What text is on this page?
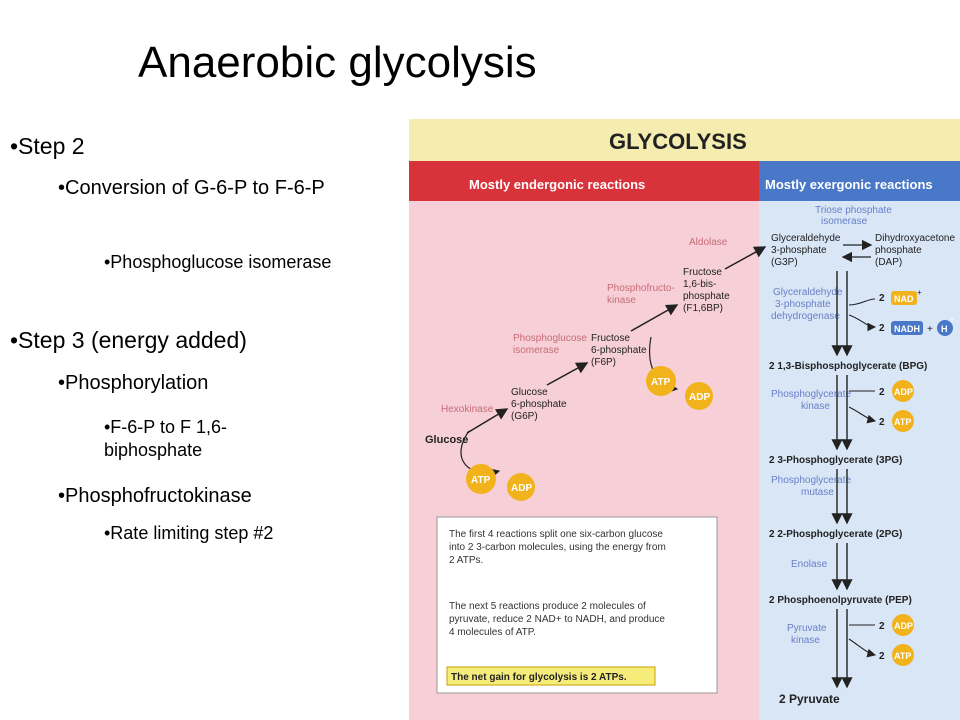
Anaerobic glycolysis
•Step 2
•Conversion of G-6-P to F-6-P
•Phosphoglucose isomerase
•Step 3 (energy added)
•Phosphorylation
•F-6-P to F 1,6-biphosphate
•Phosphofructokinase
•Rate limiting step #2
GLYCOLYSIS
Mostly endergonic reactions	Mostly exergonic reactions
Glucose
Hexokinase
Glucose 6-phosphate (G6P)
Phosphoglucose isomerase
Fructose 6-phosphate (F6P)
Phosphofructo- kinase
Fructose 1,6-bis- phosphate (F1,6BP)
Aldolase
ATP
ADP
ATP
ADP
Triose phosphate isomerase
Glyceraldehyde 3-phosphate (G3P)
Dihydroxyacetone phosphate (DAP)
Glyceraldehyde 3-phosphate dehydrogenase
2 NAD
+
2 NADH + H
+
2 1,3-Bisphosphoglycerate (BPG)
Phosphoglycerate kinase
2 ADP
2 ATP
2 3-Phosphoglycerate (3PG)
Phosphoglycerate mutase
2 2-Phosphoglycerate (2PG)
Enolase
2 Phosphoenolpyruvate (PEP)
Pyruvate kinase
2 ADP
2 ATP
2 Pyruvate
The first 4 reactions split one six-carbon glucose into 2 3-carbon molecules, using the energy from 2 ATPs.
The next 5 reactions produce 2 molecules of pyruvate, reduce 2 NAD+ to NADH, and produce 4 molecules of ATP.
The net gain for glycolysis is 2 ATPs.
